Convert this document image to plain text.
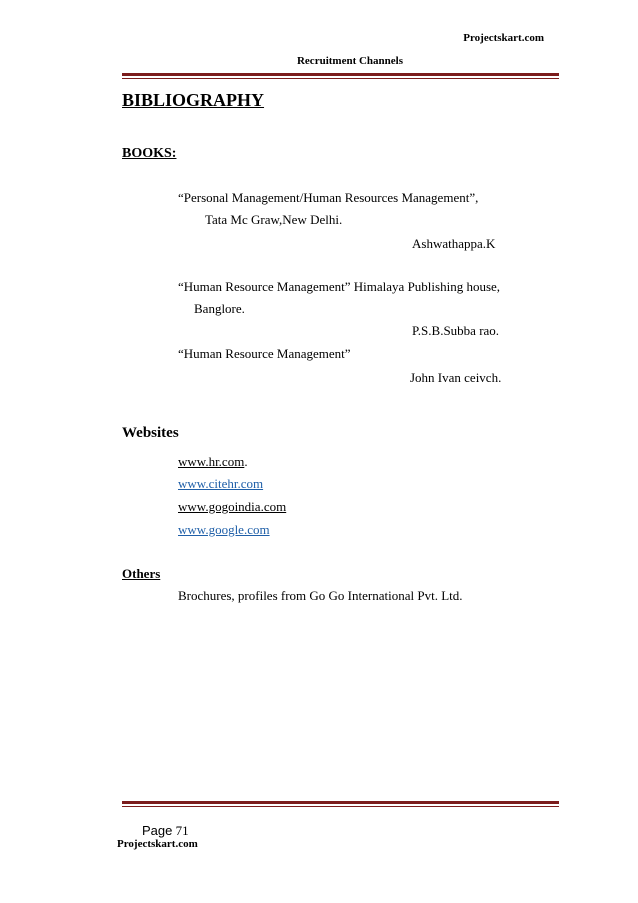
Projectskart.com
Recruitment Channels
BIBLIOGRAPHY
BOOKS:
“Personal Management/Human Resources Management”,
Tata Mc Graw,New Delhi.
Ashwathappa.K
“Human Resource Management” Himalaya Publishing house,
Banglore.
P.S.B.Subba rao.
“Human Resource Management”
John Ivan ceivch.
Websites
www.hr.com.
www.citehr.com
www.gogoindia.com
www.google.com
Others
Brochures, profiles from Go Go International Pvt. Ltd.
Page 71
Projectskart.com
